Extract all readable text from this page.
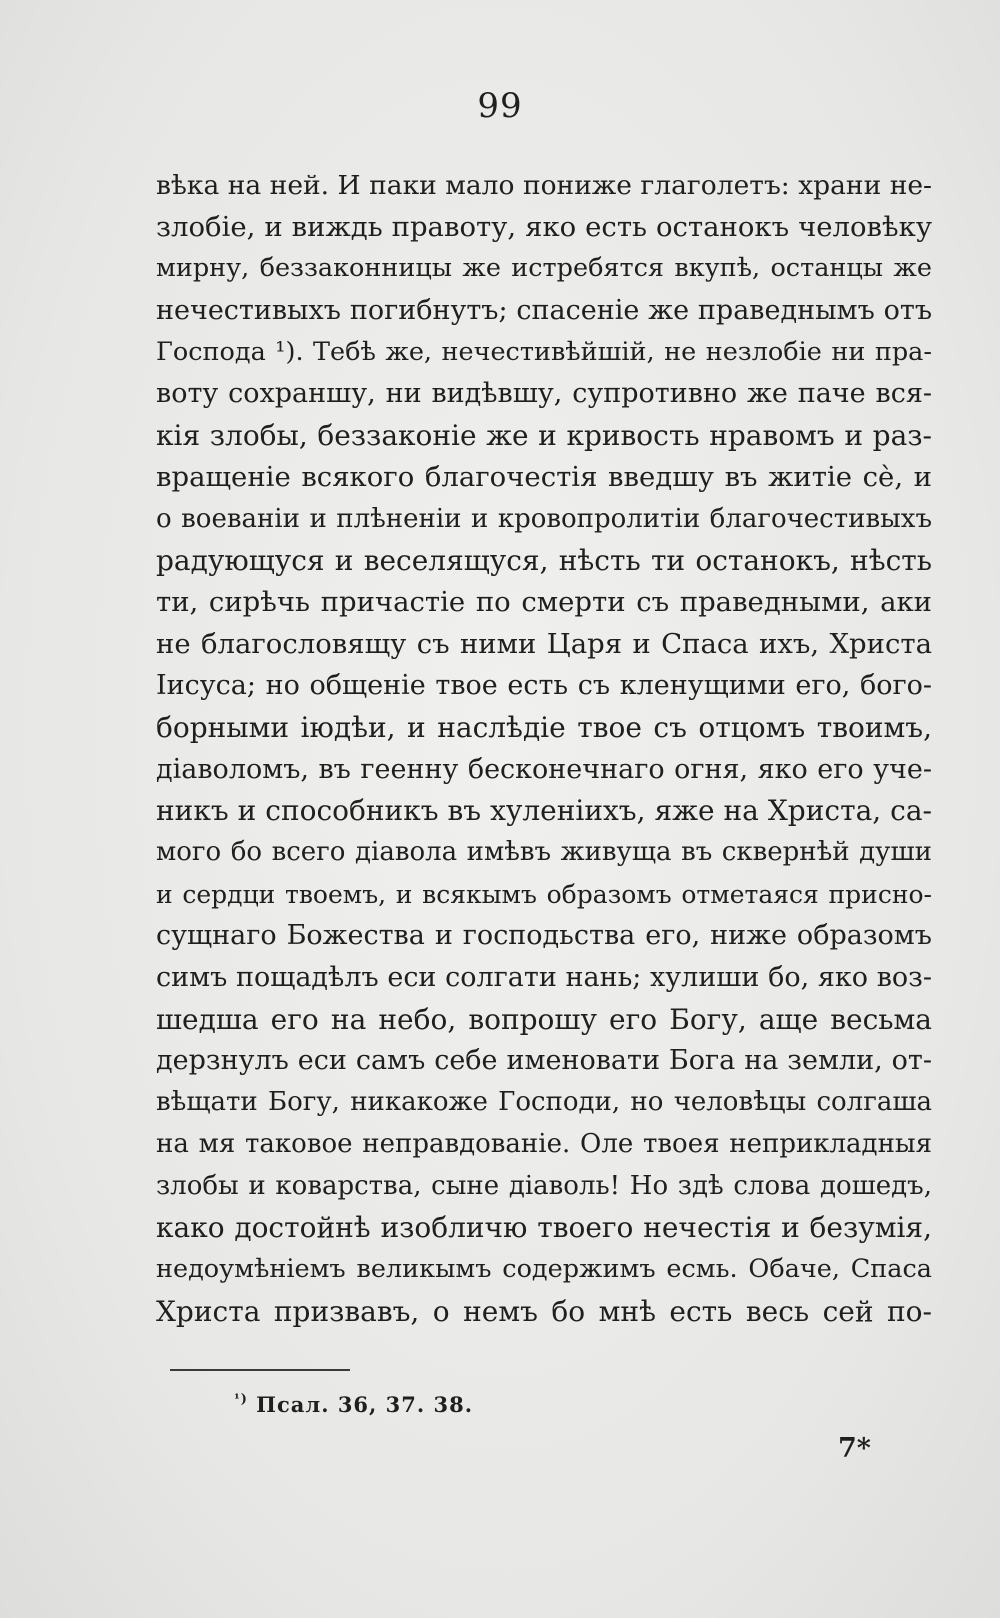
99
вѣка на ней. И паки мало пониже глаголетъ: храни не-
злобіе, и виждь правоту, яко есть останокъ человѣку
мирну, беззаконницы же истребятся вкупѣ, останцы же
нечестивыхъ погибнутъ; спасеніе же праведнымъ отъ
Господа ¹). Тебѣ же, нечестивѣйшій, не незлобіе ни пра-
воту сохраншу, ни видѣвшу, супротивно же паче вся-
кія злобы, беззаконіе же и кривость нравомъ и раз-
вращеніе всякого благочестія введшу въ житіе сѐ, и
о воеваніи и плѣненіи и кровопролитіи благочестивыхъ
радующуся и веселящуся, нѣсть ти останокъ, нѣсть
ти, сирѣчь причастіе по смерти съ праведными, аки
не благословящу съ ними Царя и Спаса ихъ, Христа
Іисуса; но общеніе твое есть съ кленущими его, бого-
борными іюдѣи, и наслѣдіе твое съ отцомъ твоимъ,
діаволомъ, въ геенну бесконечнаго огня, яко его уче-
никъ и способникъ въ хуленіихъ, яже на Христа, са-
мого бо всего діавола имѣвъ живуща въ сквернѣй души
и сердци твоемъ, и всякымъ образомъ отметаяся присно-
сущнаго Божества и господьства его, ниже образомъ
симъ пощадѣлъ еси солгати нань; хулиши бо, яко воз-
шедша его на небо, вопрошу его Богу, аще весьма
дерзнулъ еси самъ себе именовати Бога на земли, от-
вѣщати Богу, никакоже Господи, но человѣцы солгаша
на мя таковое неправдованіе. Оле твоея неприкладныя
злобы и коварства, сыне діаволь! Но здѣ слова дошедъ,
како достойнѣ изобличю твоего нечестія и безумія,
недоумѣніемъ великымъ содержимъ есмь. Обаче, Спаса
Христа призвавъ, о немъ бо мнѣ есть весь сей по-
$^{^1)}$ Псал. 36, 37. 38.
7*
